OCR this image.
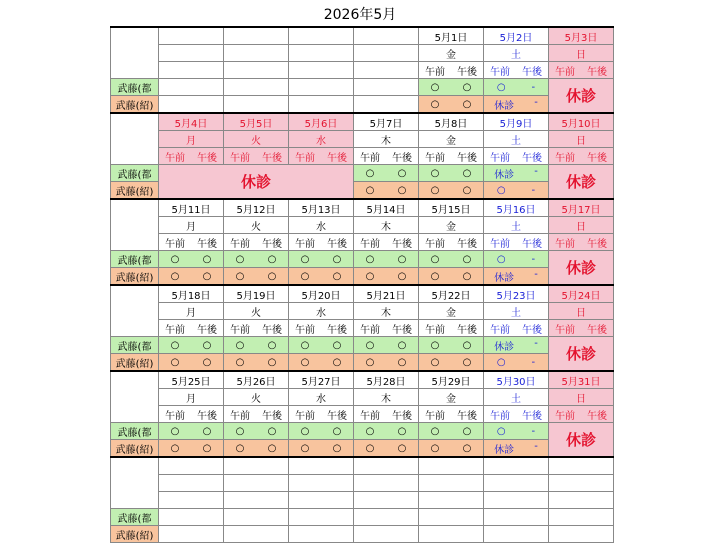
2026年5月
					5月1日	5月2日	5月3日
					金	土	日

					午前 午後	午前 午後	午前 午後

武藤(都					○ ○	○ -	休診
武藤(紹)					○ ○	休診 -	

	5月4日	5月5日	5月6日	5月7日	5月8日	5月9日	5月10日
	月	火	水	木	金	土	日

	午前 午後	午前 午後	午前 午後	午前 午後	午前 午後	午前 午後	午前 午後

武藤(都	休診			○ ○	○ ○	休診 -	休診
武藤(紹)				○ ○	○ ○	○ -	

	5月11日	5月12日	5月13日	5月14日	5月15日	5月16日	5月17日
	月	火	水	木	金	土	日

	午前 午後	午前 午後	午前 午後	午前 午後	午前 午後	午前 午後	午前 午後

武藤(都	○ ○	○ ○	○ ○	○ ○	○ ○	○ -	休診
武藤(紹)	○ ○	○ ○	○ ○	○ ○	○ ○	休診 -	

	5月18日	5月19日	5月20日	5月21日	5月22日	5月23日	5月24日
	月	火	水	木	金	土	日

	午前 午後	午前 午後	午前 午後	午前 午後	午前 午後	午前 午後	午前 午後

武藤(都	○ ○	○ ○	○ ○	○ ○	○ ○	休診 -	休診
武藤(紹)	○ ○	○ ○	○ ○	○ ○	○ ○	○ -	

	5月25日	5月26日	5月27日	5月28日	5月29日	5月30日	5月31日
	月	火	水	木	金	土	日

	午前 午後	午前 午後	午前 午後	午前 午後	午前 午後	午前 午後	午前 午後

武藤(都	○ ○	○ ○	○ ○	○ ○	○ ○	○ -	休診
武藤(紹)	○ ○	○ ○	○ ○	○ ○	○ ○	休診 -	

武藤(都							
武藤(紹)							
